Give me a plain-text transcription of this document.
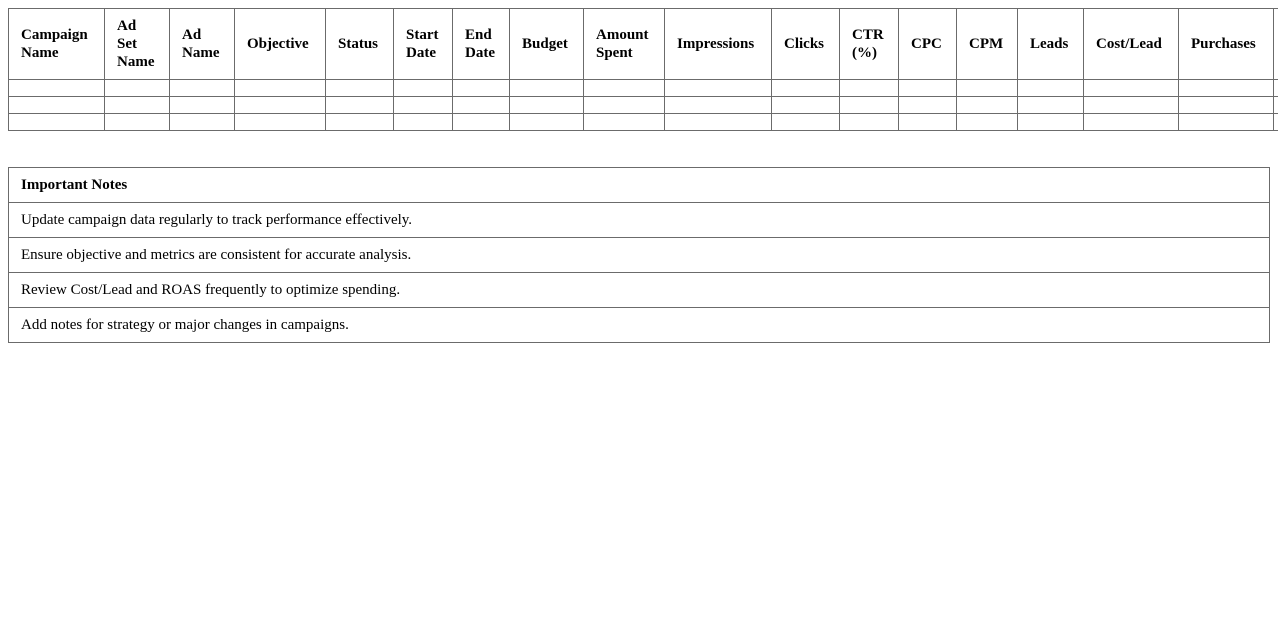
Campaign Name	Ad Set Name	Ad Name	Objective	Status	Start Date	End Date	Budget	Amount Spent	Impressions	Clicks	CTR (%)	CPC	CPM	Leads	Cost/Lead	Purchases	

Important Notes
Update campaign data regularly to track performance effectively.
Ensure objective and metrics are consistent for accurate analysis.
Review Cost/Lead and ROAS frequently to optimize spending.
Add notes for strategy or major changes in campaigns.
